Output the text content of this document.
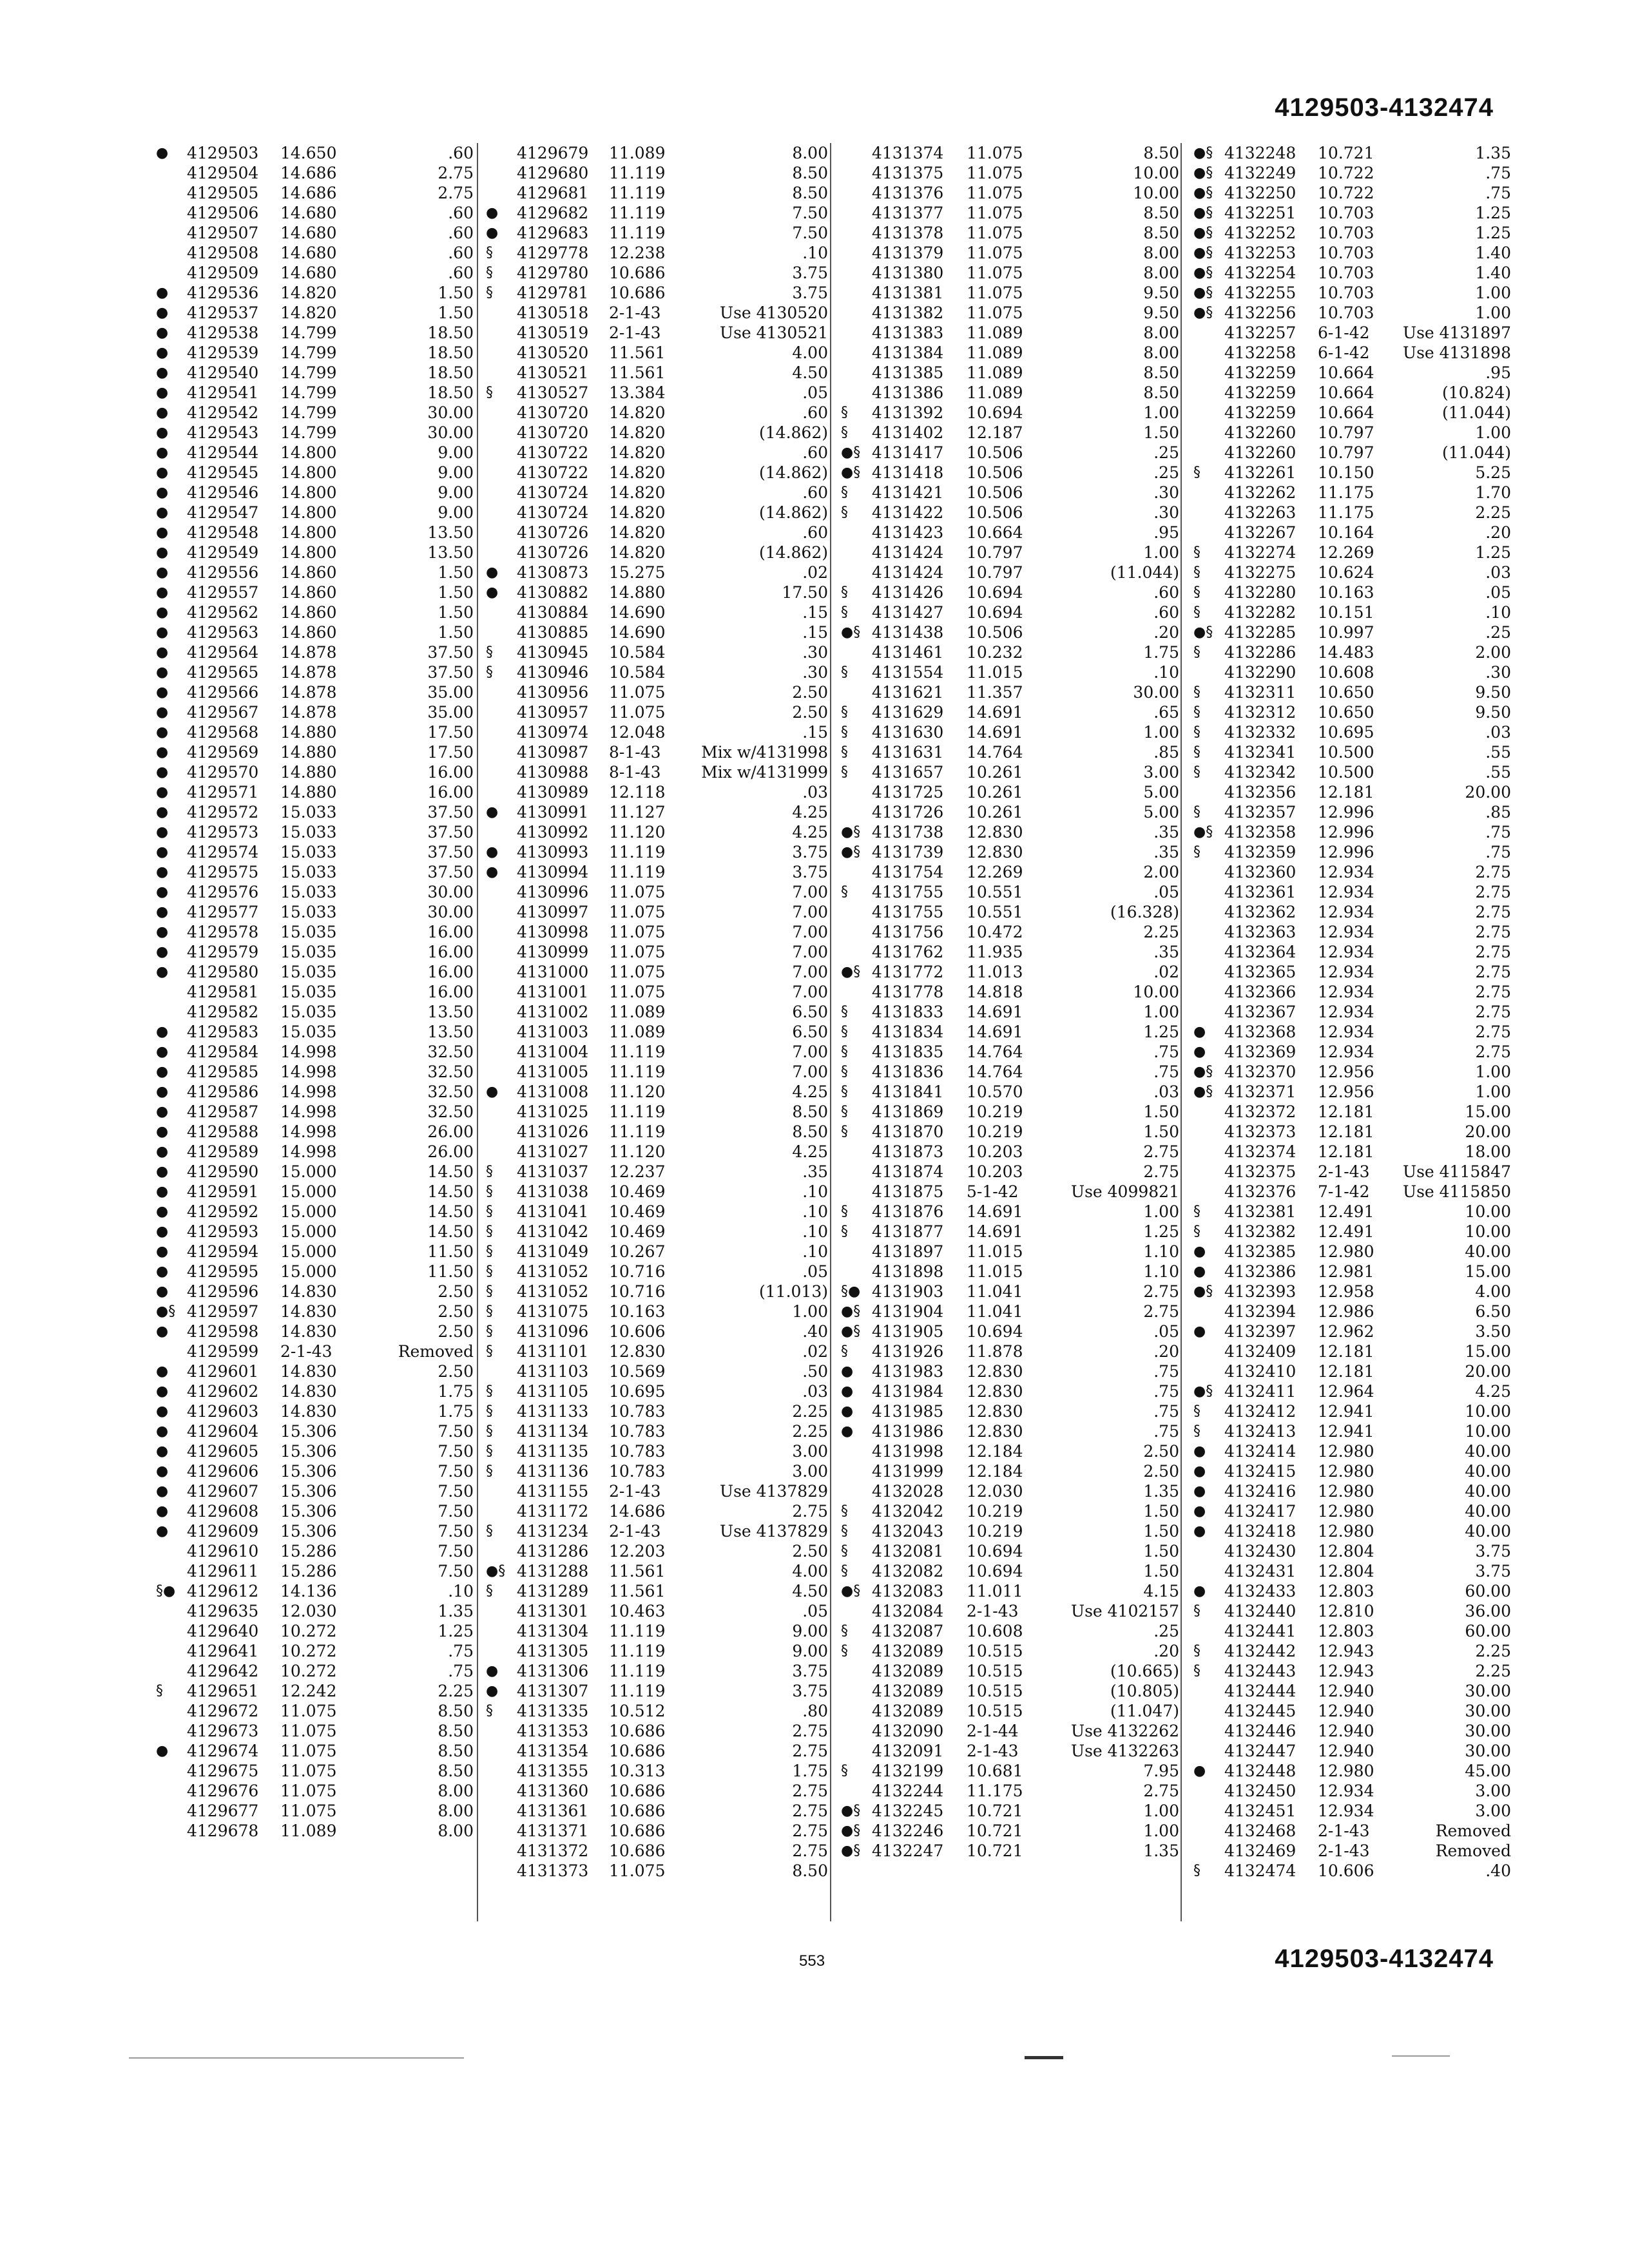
4129503-4132474
● 4129503 14.650	.60
4129504 14.686	2.75
4129505 14.686	2.75
4129506 14.680	.60
4129507 14.680	.60
4129508 14.680	.60
4129509 14.680	.60
● 4129536 14.820	1.50
● 4129537 14.820	1.50
● 4129538 14.799	18.50
● 4129539 14.799	18.50
● 4129540 14.799	18.50
● 4129541 14.799	18.50
● 4129542 14.799	30.00
● 4129543 14.799	30.00
● 4129544 14.800	9.00
● 4129545 14.800	9.00
● 4129546 14.800	9.00
● 4129547 14.800	9.00
● 4129548 14.800	13.50
● 4129549 14.800	13.50
● 4129556 14.860	1.50
● 4129557 14.860	1.50
● 4129562 14.860	1.50
● 4129563 14.860	1.50
● 4129564 14.878	37.50
● 4129565 14.878	37.50
● 4129566 14.878	35.00
● 4129567 14.878	35.00
● 4129568 14.880	17.50
● 4129569 14.880	17.50
● 4129570 14.880	16.00
● 4129571 14.880	16.00
● 4129572 15.033	37.50
● 4129573 15.033	37.50
● 4129574 15.033	37.50
● 4129575 15.033	37.50
● 4129576 15.033	30.00
● 4129577 15.033	30.00
● 4129578 15.035	16.00
● 4129579 15.035	16.00
● 4129580 15.035	16.00
4129581 15.035	16.00
4129582 15.035	13.50
● 4129583 15.035	13.50
● 4129584 14.998	32.50
● 4129585 14.998	32.50
● 4129586 14.998	32.50
● 4129587 14.998	32.50
● 4129588 14.998	26.00
● 4129589 14.998	26.00
● 4129590 15.000	14.50
● 4129591 15.000	14.50
● 4129592 15.000	14.50
● 4129593 15.000	14.50
● 4129594 15.000	11.50
● 4129595 15.000	11.50
● 4129596 14.830	2.50
●§ 4129597 14.830	2.50
● 4129598 14.830	2.50
4129599 2-1-43	Removed
● 4129601 14.830	2.50
● 4129602 14.830	1.75
● 4129603 14.830	1.75
● 4129604 15.306	7.50
● 4129605 15.306	7.50
● 4129606 15.306	7.50
● 4129607 15.306	7.50
● 4129608 15.306	7.50
● 4129609 15.306	7.50
4129610 15.286	7.50
4129611 15.286	7.50
§● 4129612 14.136	.10
4129635 12.030	1.35
4129640 10.272	1.25
4129641 10.272	.75
4129642 10.272	.75
§ 4129651 12.242	2.25
4129672 11.075	8.50
4129673 11.075	8.50
● 4129674 11.075	8.50
4129675 11.075	8.50
4129676 11.075	8.00
4129677 11.075	8.00
4129678 11.089	8.00
4129679 11.089	8.00
4129680 11.119	8.50
4129681 11.119	8.50
● 4129682 11.119	7.50
● 4129683 11.119	7.50
§ 4129778 12.238	.10
§ 4129780 10.686	3.75
§ 4129781 10.686	3.75
4130518 2-1-43	Use 4130520
4130519 2-1-43	Use 4130521
4130520 11.561	4.00
4130521 11.561	4.50
§ 4130527 13.384	.05
4130720 14.820	.60
4130720 14.820	(14.862)
4130722 14.820	.60
4130722 14.820	(14.862)
4130724 14.820	.60
4130724 14.820	(14.862)
4130726 14.820	.60
4130726 14.820	(14.862)
● 4130873 15.275	.02
● 4130882 14.880	17.50
4130884 14.690	.15
4130885 14.690	.15
§ 4130945 10.584	.30
§ 4130946 10.584	.30
4130956 11.075	2.50
4130957 11.075	2.50
4130974 12.048	.15
4130987 8-1-43	Mix w/4131998
4130988 8-1-43	Mix w/4131999
4130989 12.118	.03
● 4130991 11.127	4.25
4130992 11.120	4.25
● 4130993 11.119	3.75
● 4130994 11.119	3.75
4130996 11.075	7.00
4130997 11.075	7.00
4130998 11.075	7.00
4130999 11.075	7.00
4131000 11.075	7.00
4131001 11.075	7.00
4131002 11.089	6.50
4131003 11.089	6.50
4131004 11.119	7.00
4131005 11.119	7.00
● 4131008 11.120	4.25
4131025 11.119	8.50
4131026 11.119	8.50
4131027 11.120	4.25
§ 4131037 12.237	.35
§ 4131038 10.469	.10
§ 4131041 10.469	.10
§ 4131042 10.469	.10
§ 4131049 10.267	.10
§ 4131052 10.716	.05
§ 4131052 10.716	(11.013)
§ 4131075 10.163	1.00
§ 4131096 10.606	.40
§ 4131101 12.830	.02
4131103 10.569	.50
§ 4131105 10.695	.03
§ 4131133 10.783	2.25
§ 4131134 10.783	2.25
§ 4131135 10.783	3.00
§ 4131136 10.783	3.00
4131155 2-1-43	Use 4137829
4131172 14.686	2.75
§ 4131234 2-1-43	Use 4137829
4131286 12.203	2.50
●§ 4131288 11.561	4.00
§ 4131289 11.561	4.50
4131301 10.463	.05
4131304 11.119	9.00
4131305 11.119	9.00
● 4131306 11.119	3.75
● 4131307 11.119	3.75
§ 4131335 10.512	.80
4131353 10.686	2.75
4131354 10.686	2.75
4131355 10.313	1.75
4131360 10.686	2.75
4131361 10.686	2.75
4131371 10.686	2.75
4131372 10.686	2.75
4131373 11.075	8.50
4131374 11.075	8.50
4131375 11.075	10.00
4131376 11.075	10.00
4131377 11.075	8.50
4131378 11.075	8.50
4131379 11.075	8.00
4131380 11.075	8.00
4131381 11.075	9.50
4131382 11.075	9.50
4131383 11.089	8.00
4131384 11.089	8.00
4131385 11.089	8.50
4131386 11.089	8.50
§ 4131392 10.694	1.00
§ 4131402 12.187	1.50
●§ 4131417 10.506	.25
●§ 4131418 10.506	.25
§ 4131421 10.506	.30
§ 4131422 10.506	.30
4131423 10.664	.95
4131424 10.797	1.00
4131424 10.797	(11.044)
§ 4131426 10.694	.60
§ 4131427 10.694	.60
●§ 4131438 10.506	.20
4131461 10.232	1.75
§ 4131554 11.015	.10
4131621 11.357	30.00
§ 4131629 14.691	.65
§ 4131630 14.691	1.00
§ 4131631 14.764	.85
§ 4131657 10.261	3.00
4131725 10.261	5.00
4131726 10.261	5.00
●§ 4131738 12.830	.35
●§ 4131739 12.830	.35
4131754 12.269	2.00
§ 4131755 10.551	.05
4131755 10.551	(16.328)
4131756 10.472	2.25
4131762 11.935	.35
●§ 4131772 11.013	.02
4131778 14.818	10.00
§ 4131833 14.691	1.00
§ 4131834 14.691	1.25
§ 4131835 14.764	.75
§ 4131836 14.764	.75
§ 4131841 10.570	.03
§ 4131869 10.219	1.50
§ 4131870 10.219	1.50
4131873 10.203	2.75
4131874 10.203	2.75
4131875 5-1-42	Use 4099821
§ 4131876 14.691	1.00
§ 4131877 14.691	1.25
4131897 11.015	1.10
4131898 11.015	1.10
§● 4131903 11.041	2.75
●§ 4131904 11.041	2.75
●§ 4131905 10.694	.05
§ 4131926 11.878	.20
● 4131983 12.830	.75
● 4131984 12.830	.75
● 4131985 12.830	.75
● 4131986 12.830	.75
4131998 12.184	2.50
4131999 12.184	2.50
4132028 12.030	1.35
§ 4132042 10.219	1.50
§ 4132043 10.219	1.50
§ 4132081 10.694	1.50
§ 4132082 10.694	1.50
●§ 4132083 11.011	4.15
4132084 2-1-43	Use 4102157
§ 4132087 10.608	.25
§ 4132089 10.515	.20
4132089 10.515	(10.665)
4132089 10.515	(10.805)
4132089 10.515	(11.047)
4132090 2-1-44	Use 4132262
4132091 2-1-43	Use 4132263
§ 4132199 10.681	7.95
4132244 11.175	2.75
●§ 4132245 10.721	1.00
●§ 4132246 10.721	1.00
●§ 4132247 10.721	1.35
●§ 4132248 10.721	1.35
●§ 4132249 10.722	.75
●§ 4132250 10.722	.75
●§ 4132251 10.703	1.25
●§ 4132252 10.703	1.25
●§ 4132253 10.703	1.40
●§ 4132254 10.703	1.40
●§ 4132255 10.703	1.00
●§ 4132256 10.703	1.00
4132257 6-1-42 Use 4131897
4132258 6-1-42 Use 4131898
4132259 10.664	.95
4132259 10.664	(10.824)
4132259 10.664	(11.044)
4132260 10.797	1.00
4132260 10.797	(11.044)
§ 4132261 10.150	5.25
4132262 11.175	1.70
4132263 11.175	2.25
4132267 10.164	.20
§ 4132274 12.269	1.25
§ 4132275 10.624	.03
§ 4132280 10.163	.05
§ 4132282 10.151	.10
●§ 4132285 10.997	.25
§ 4132286 14.483	2.00
4132290 10.608	.30
§ 4132311 10.650	9.50
§ 4132312 10.650	9.50
§ 4132332 10.695	.03
§ 4132341 10.500	.55
§ 4132342 10.500	.55
4132356 12.181	20.00
§ 4132357 12.996	.85
●§ 4132358 12.996	.75
§ 4132359 12.996	.75
4132360 12.934	2.75
4132361 12.934	2.75
4132362 12.934	2.75
4132363 12.934	2.75
4132364 12.934	2.75
4132365 12.934	2.75
4132366 12.934	2.75
4132367 12.934	2.75
● 4132368 12.934	2.75
● 4132369 12.934	2.75
●§ 4132370 12.956	1.00
●§ 4132371 12.956	1.00
4132372 12.181	15.00
4132373 12.181	20.00
4132374 12.181	18.00
4132375 2-1-43 Use 4115847
4132376 7-1-42 Use 4115850
§ 4132381 12.491	10.00
§ 4132382 12.491	10.00
● 4132385 12.980	40.00
● 4132386 12.981	15.00
●§ 4132393 12.958	4.00
4132394 12.986	6.50
● 4132397 12.962	3.50
4132409 12.181	15.00
4132410 12.181	20.00
●§ 4132411 12.964	4.25
§ 4132412 12.941	10.00
§ 4132413 12.941	10.00
● 4132414 12.980	40.00
● 4132415 12.980	40.00
● 4132416 12.980	40.00
● 4132417 12.980	40.00
● 4132418 12.980	40.00
4132430 12.804	3.75
4132431 12.804	3.75
● 4132433 12.803	60.00
§ 4132440 12.810	36.00
4132441 12.803	60.00
§ 4132442 12.943	2.25
§ 4132443 12.943	2.25
4132444 12.940	30.00
4132445 12.940	30.00
4132446 12.940	30.00
4132447 12.940	30.00
● 4132448 12.980	45.00
4132450 12.934	3.00
4132451 12.934	3.00
4132468 2-1-43	Removed
4132469 2-1-43	Removed
§ 4132474 10.606	.40
553	4129503-4132474
